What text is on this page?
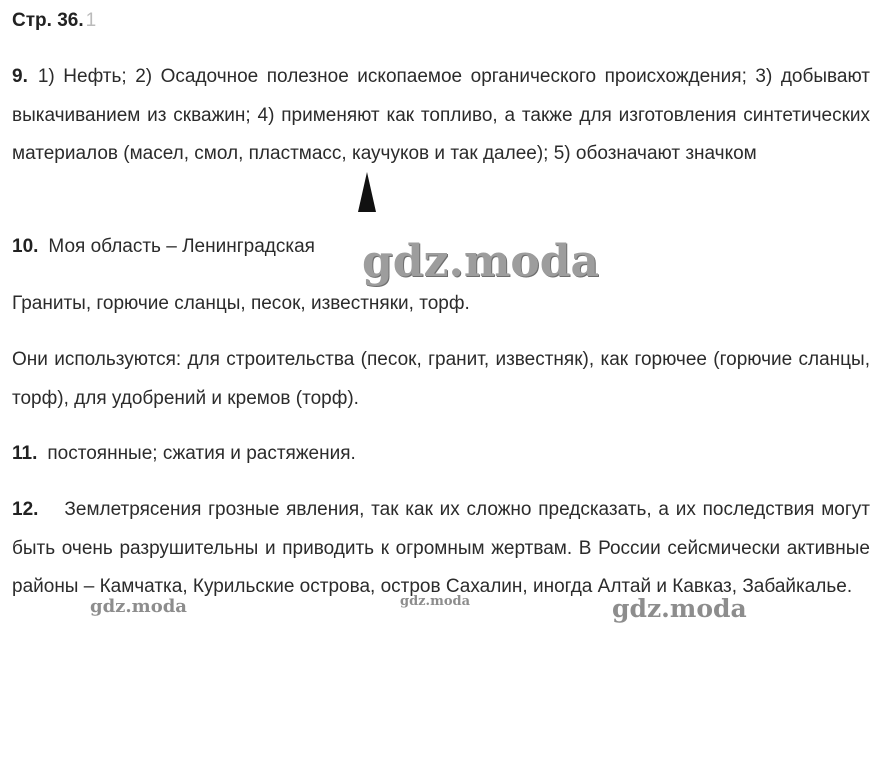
Стр. 36. 1

9. 1) Нефть; 2) Осадочное полезное ископаемое органического происхождения; 3) добывают выкачиванием из скважин; 4) применяют как топливо, а также для изготовления синтетических материалов (масел, смол, пластмасс, каучуков и так далее); 5) обозначают значком

10. Моя область – Ленинградская

Граниты, горючие сланцы, песок, известняки, торф.

Они используются: для строительства (песок, гранит, известняк), как горючее (горючие сланцы, торф), для удобрений и кремов (торф).

11. постоянные; сжатия и растяжения.

12. Землетрясения грозные явления, так как их сложно предсказать, а их последствия могут быть очень разрушительны и приводить к огромным жертвам. В России сейсмически активные районы – Камчатка, Курильские острова, остров Сахалин, иногда Алтай и Кавказ, Забайкалье.

gdz.moda
gdz.moda	gdz.moda	gdz.moda
